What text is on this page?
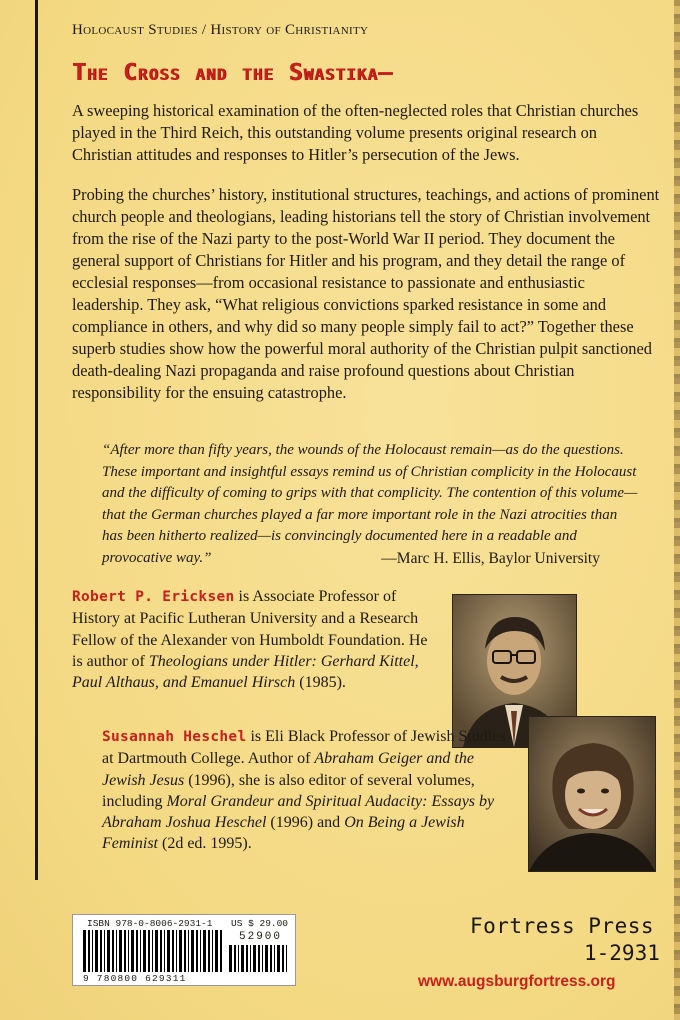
Holocaust Studies / History of Christianity
The Cross and the Swastika—

A sweeping historical examination of the often-neglected roles that Christian churches played in the Third Reich, this outstanding volume presents original research on Christian attitudes and responses to Hitler’s persecution of the Jews.

Probing the churches’ history, institutional structures, teachings, and actions of prominent church people and theologians, leading historians tell the story of Christian involvement from the rise of the Nazi party to the post-World War II period. They document the general support of Christians for Hitler and his program, and they detail the range of ecclesial responses—from occasional resistance to passionate and enthusiastic leadership. They ask, “What religious convictions sparked resistance in some and compliance in others, and why did so many people simply fail to act?” Together these superb studies show how the powerful moral authority of the Christian pulpit sanctioned death-dealing Nazi propaganda and raise profound questions about Christian responsibility for the ensuing catastrophe.

“After more than fifty years, the wounds of the Holocaust remain—as do the questions. These important and insightful essays remind us of Christian complicity in the Holocaust and the difficulty of coming to grips with that complicity. The contention of this volume—that the German churches played a far more important role in the Nazi atrocities than has been hitherto realized—is convincingly documented here in a readable and provocative way.”	—Marc H. Ellis, Baylor University

Robert P. Ericksen is Associate Professor of History at Pacific Lutheran University and a Research Fellow of the Alexander von Humboldt Foundation. He is author of Theologians under Hitler: Gerhard Kittel, Paul Althaus, and Emanuel Hirsch (1985).

Susannah Heschel is Eli Black Professor of Jewish Studies at Dartmouth College. Author of Abraham Geiger and the Jewish Jesus (1996), she is also editor of several volumes, including Moral Grandeur and Spiritual Audacity: Essays by Abraham Joshua Heschel (1996) and On Being a Jewish Feminist (2d ed. 1995).

ISBN 978-0-8006-2931-1 US $ 29.00
52900
9 780800 629311
Fortress Press
1-2931
www.augsburgfortress.org
